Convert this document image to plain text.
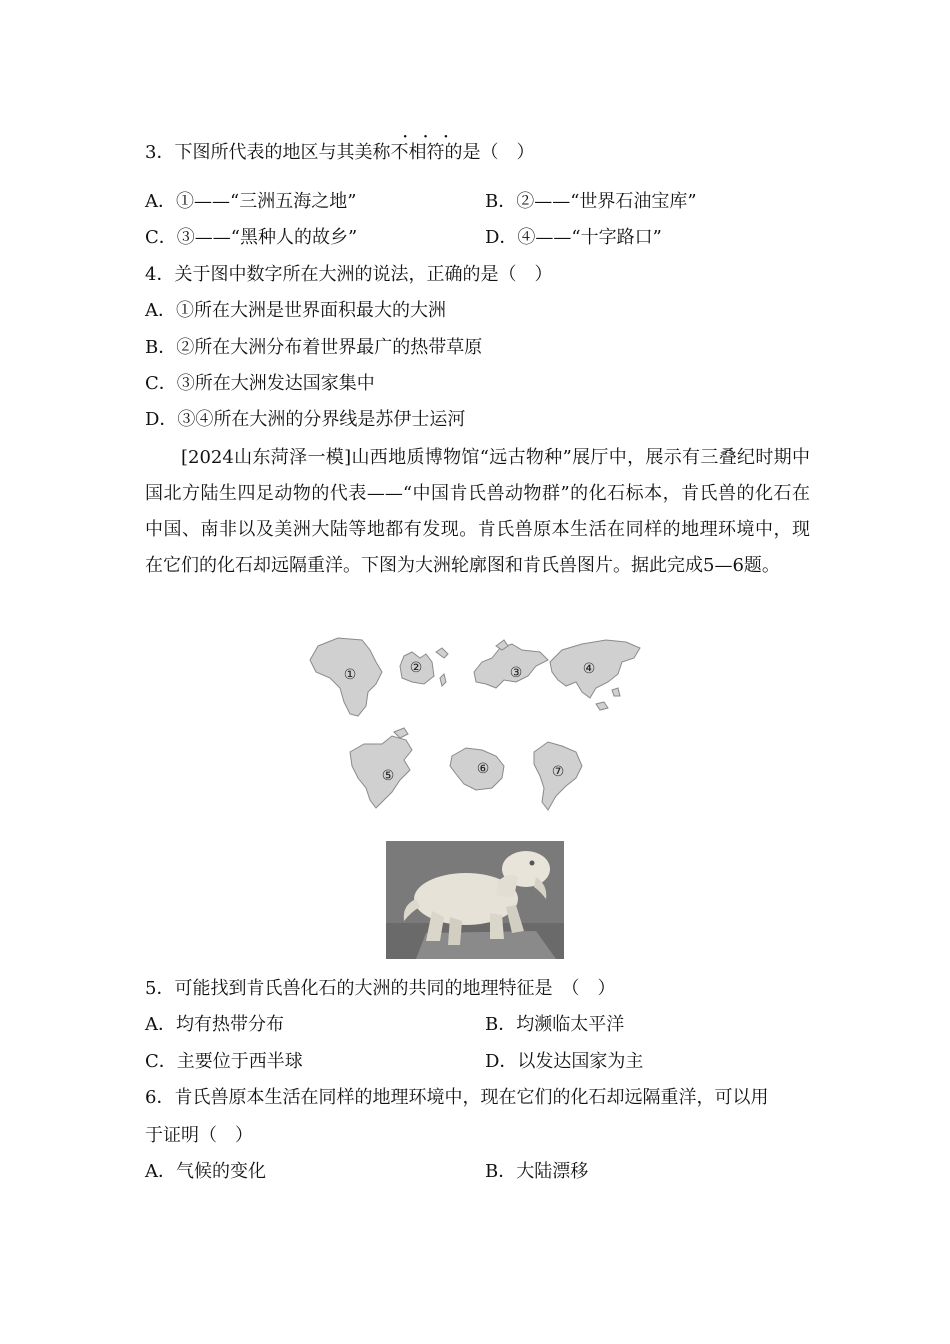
···
3．下图所代表的地区与其美称不相符的是（　）
A．①——“三洲五海之地”	B．②——“世界石油宝库”
C．③——“黑种人的故乡”	D．④——“十字路口”
4．关于图中数字所在大洲的说法，正确的是（　）
A．①所在大洲是世界面积最大的大洲
B．②所在大洲分布着世界最广的热带草原
C．③所在大洲发达国家集中
D．③④所在大洲的分界线是苏伊士运河
[2024山东菏泽一模]山西地质博物馆“远古物种”展厅中，展示有三叠纪时期中国北方陆生四足动物的代表——“中国肯氏兽动物群”的化石标本，肯氏兽的化石在中国、南非以及美洲大陆等地都有发现。肯氏兽原本生活在同样的地理环境中，现在它们的化石却远隔重洋。下图为大洲轮廓图和肯氏兽图片。据此完成5—6题。
①	②	③	④
⑤	⑥	⑦
5．可能找到肯氏兽化石的大洲的共同的地理特征是　（　）
A．均有热带分布	B．均濒临太平洋
C．主要位于西半球	D．以发达国家为主
6．肯氏兽原本生活在同样的地理环境中，现在它们的化石却远隔重洋，可以用
于证明（　）
A．气候的变化	B．大陆漂移
